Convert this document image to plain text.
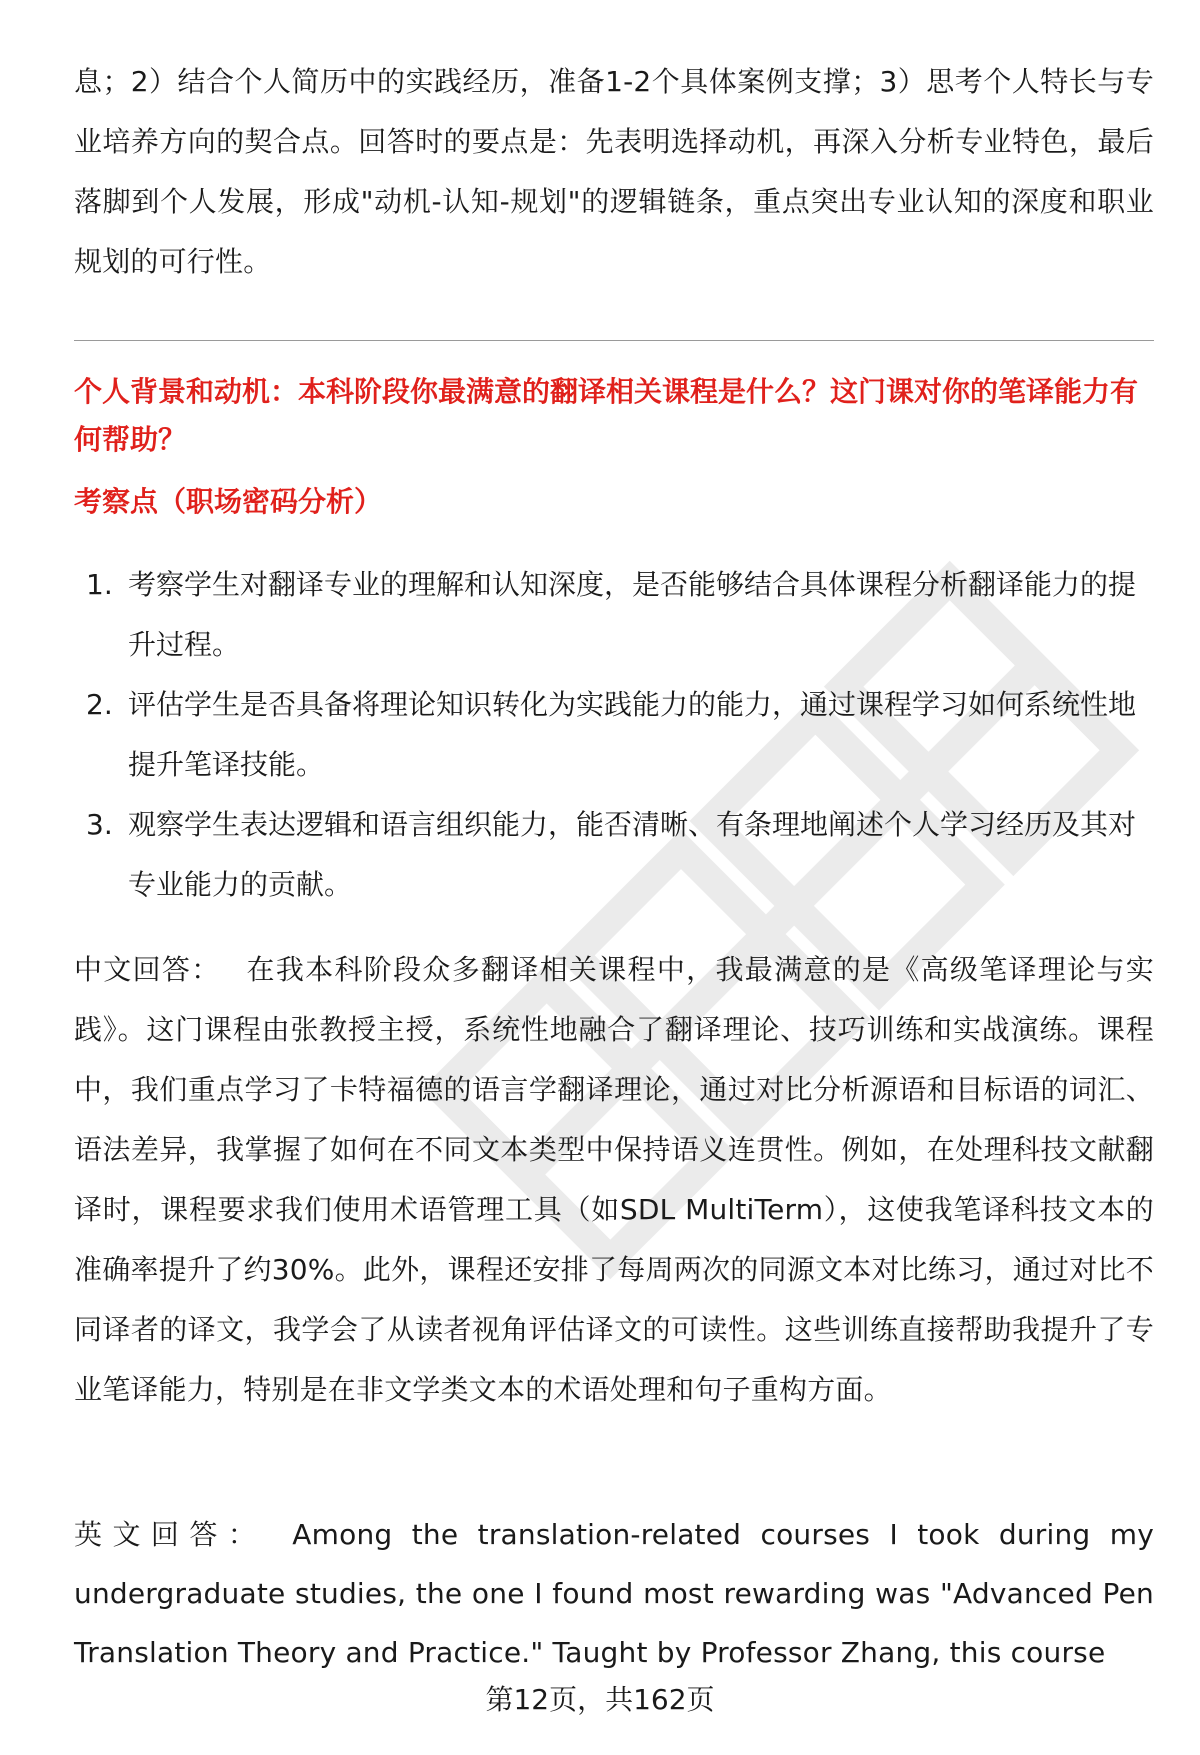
息；2）结合个人简历中的实践经历，准备1-2个具体案例支撑；3）思考个人特长与专业培养方向的契合点。回答时的要点是：先表明选择动机，再深入分析专业特色，最后落脚到个人发展，形成"动机-认知-规划"的逻辑链条，重点突出专业认知的深度和职业规划的可行性。

个人背景和动机：本科阶段你最满意的翻译相关课程是什么？这门课对你的笔译能力有何帮助？

考察点（职场密码分析）

1. 考察学生对翻译专业的理解和认知深度，是否能够结合具体课程分析翻译能力的提升过程。
2. 评估学生是否具备将理论知识转化为实践能力的能力，通过课程学习如何系统性地提升笔译技能。
3. 观察学生表达逻辑和语言组织能力，能否清晰、有条理地阐述个人学习经历及其对专业能力的贡献。

中文回答： 在我本科阶段众多翻译相关课程中，我最满意的是《高级笔译理论与实践》。这门课程由张教授主授，系统性地融合了翻译理论、技巧训练和实战演练。课程中，我们重点学习了卡特福德的语言学翻译理论，通过对比分析源语和目标语的词汇、语法差异，我掌握了如何在不同文本类型中保持语义连贯性。例如，在处理科技文献翻译时，课程要求我们使用术语管理工具（如SDL MultiTerm），这使我笔译科技文本的准确率提升了约30%。此外，课程还安排了每周两次的同源文本对比练习，通过对比不同译者的译文，我学会了从读者视角评估译文的可读性。这些训练直接帮助我提升了专业笔译能力，特别是在非文学类文本的术语处理和句子重构方面。

英文回答： Among the translation-related courses I took during my undergraduate studies, the one I found most rewarding was "Advanced Pen Translation Theory and Practice." Taught by Professor Zhang, this course

第12页，共162页
